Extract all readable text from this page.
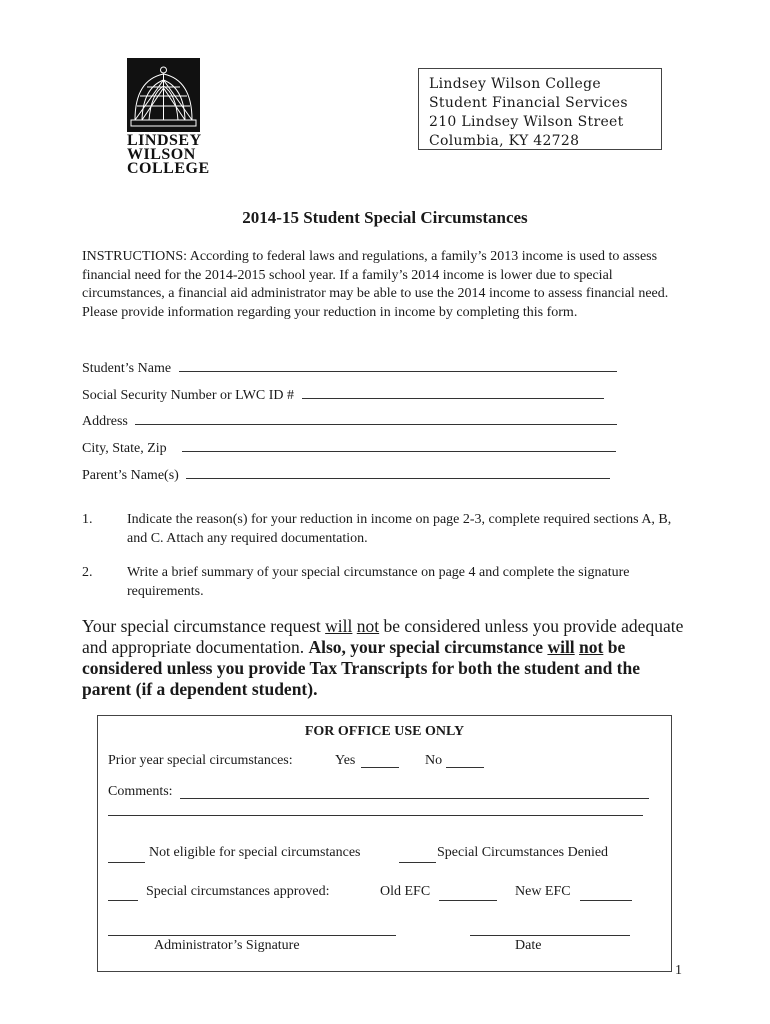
LINDSEY
WILSON
COLLEGE
Lindsey Wilson College
Student Financial Services
210 Lindsey Wilson Street
Columbia, KY 42728
2014-15 Student Special Circumstances
INSTRUCTIONS: According to federal laws and regulations, a family’s 2013 income is used to assess financial need for the 2014-2015 school year. If a family’s 2014 income is lower due to special circumstances, a financial aid administrator may be able to use the 2014 income to assess financial need. Please provide information regarding your reduction in income by completing this form.
Student’s Name
Social Security Number or LWC ID #
Address
City, State, Zip
Parent’s Name(s)
1. Indicate the reason(s) for your reduction in income on page 2-3, complete required sections A, B, and C. Attach any required documentation.
2. Write a brief summary of your special circumstance on page 4 and complete the signature requirements.
Your special circumstance request will not be considered unless you provide adequate and appropriate documentation. Also, your special circumstance will not be considered unless you provide Tax Transcripts for both the student and the parent (if a dependent student).
FOR OFFICE USE ONLY
Prior year special circumstances:	Yes	No
Comments:
Not eligible for special circumstances	Special Circumstances Denied
Special circumstances approved:	Old EFC	New EFC
Administrator’s Signature	Date
1
